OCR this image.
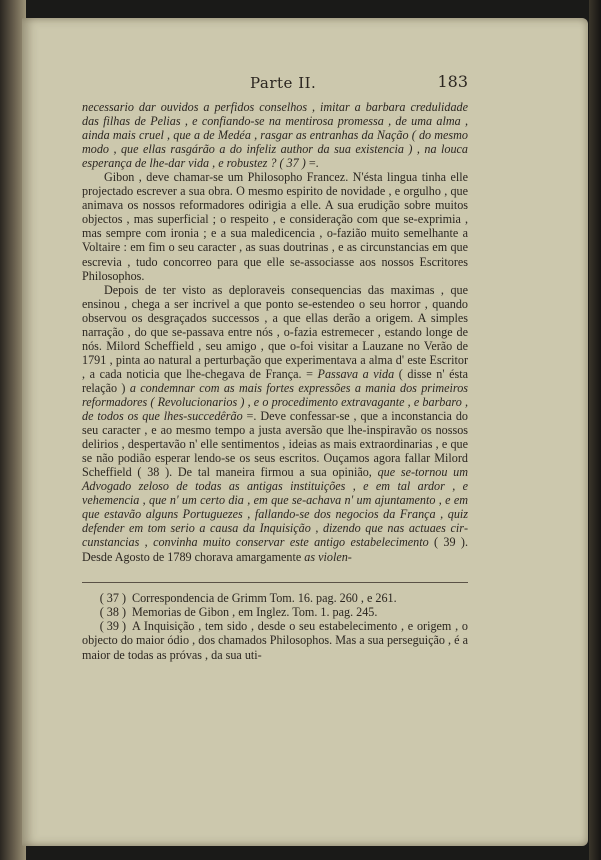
Parte II.	183

necessario dar ouvidos a perfidos conselhos , imitar a barbara credulidade das filhas de Pelias , e confiando-se na mentirosa promessa , de uma alma , ainda mais cruel , que a de Medéa , rasgar as entranhas da Nação ( do mesmo modo , que ellas rasgárão a do infeliz author da sua existencia ) , na louca esperança de lhe-dar vida , e robustez ? ( 37 ) =.

Gibon , deve chamar-se um Philosopho Francez. N'ésta lingua tinha elle projectado escrever a sua obra. O mesmo espirito de novidade , e orgulho , que animava os nossos reformadores odirigia a elle. A sua erudição sobre muitos objectos , mas superficial ; o respeito , e consideração com que se-exprimia , mas sempre com ironia ; e a sua maledicencia , o-fazião muito semelhante a Voltaire : em fim o seu caracter , as suas doutrinas , e as circunstancias em que escrevia , tudo concorreo para que elle se-associasse aos nossos Escritores Philosophos.

Depois de ter visto as deploraveis consequencias das maximas , que ensinou , chega a ser incrivel a que ponto se-estendeo o seu horror , quando observou os desgraçados successos , a que ellas derão a origem. A simples narração , do que se-passava entre nós , o-fazia estremecer , estando longe de nós. Milord Scheffield , seu amigo , que o-foi visitar a Lauzane no Verão de 1791 , pinta ao natural a perturbação que experimentava a alma d' este Escritor , a cada noticia que lhe-chegava de França. = Passava a vida ( disse n' ésta relação ) a condemnar com as mais fortes expressões a mania dos primeiros reformadores ( Revolucionarios ) , e o procedimento extravagante , e barbaro , de todos os que lhes-succedêrão =. Deve confessar-se , que a inconstancia do seu caracter , e ao mesmo tempo a justa aversão que lhe-inspiravão os nossos delirios , despertavão n' elle sentimentos , ideias as mais extraordinarias , e que se não podião esperar lendo-se os seus escritos. Ouçamos agora fallar Milord Scheffield ( 38 ). De tal maneira firmou a sua opinião, que se-tornou um Advogado zeloso de todas as antigas instituições , e em tal ardor , e vehemencia , que n' um certo dia , em que se-achava n' um ajuntamento , e em que estavão alguns Portuguezes , fallando-se dos negocios da França , quiz defender em tom serio a causa da Inquisição , dizendo que nas actuaes circunstancias , convinha muito conservar este antigo estabelecimento ( 39 ). Desde Agosto de 1789 chorava amargamente as violen-

( 37 ) Correspondencia de Grimm Tom. 16. pag. 260 , e 261.

( 38 ) Memorias de Gibon , em Inglez. Tom. 1. pag. 245.

( 39 ) A Inquisição , tem sido , desde o seu estabelecimento , e origem , o objecto do maior ódio , dos chamados Philosophos. Mas a sua perseguição , é a maior de todas as próvas , da sua uti-
